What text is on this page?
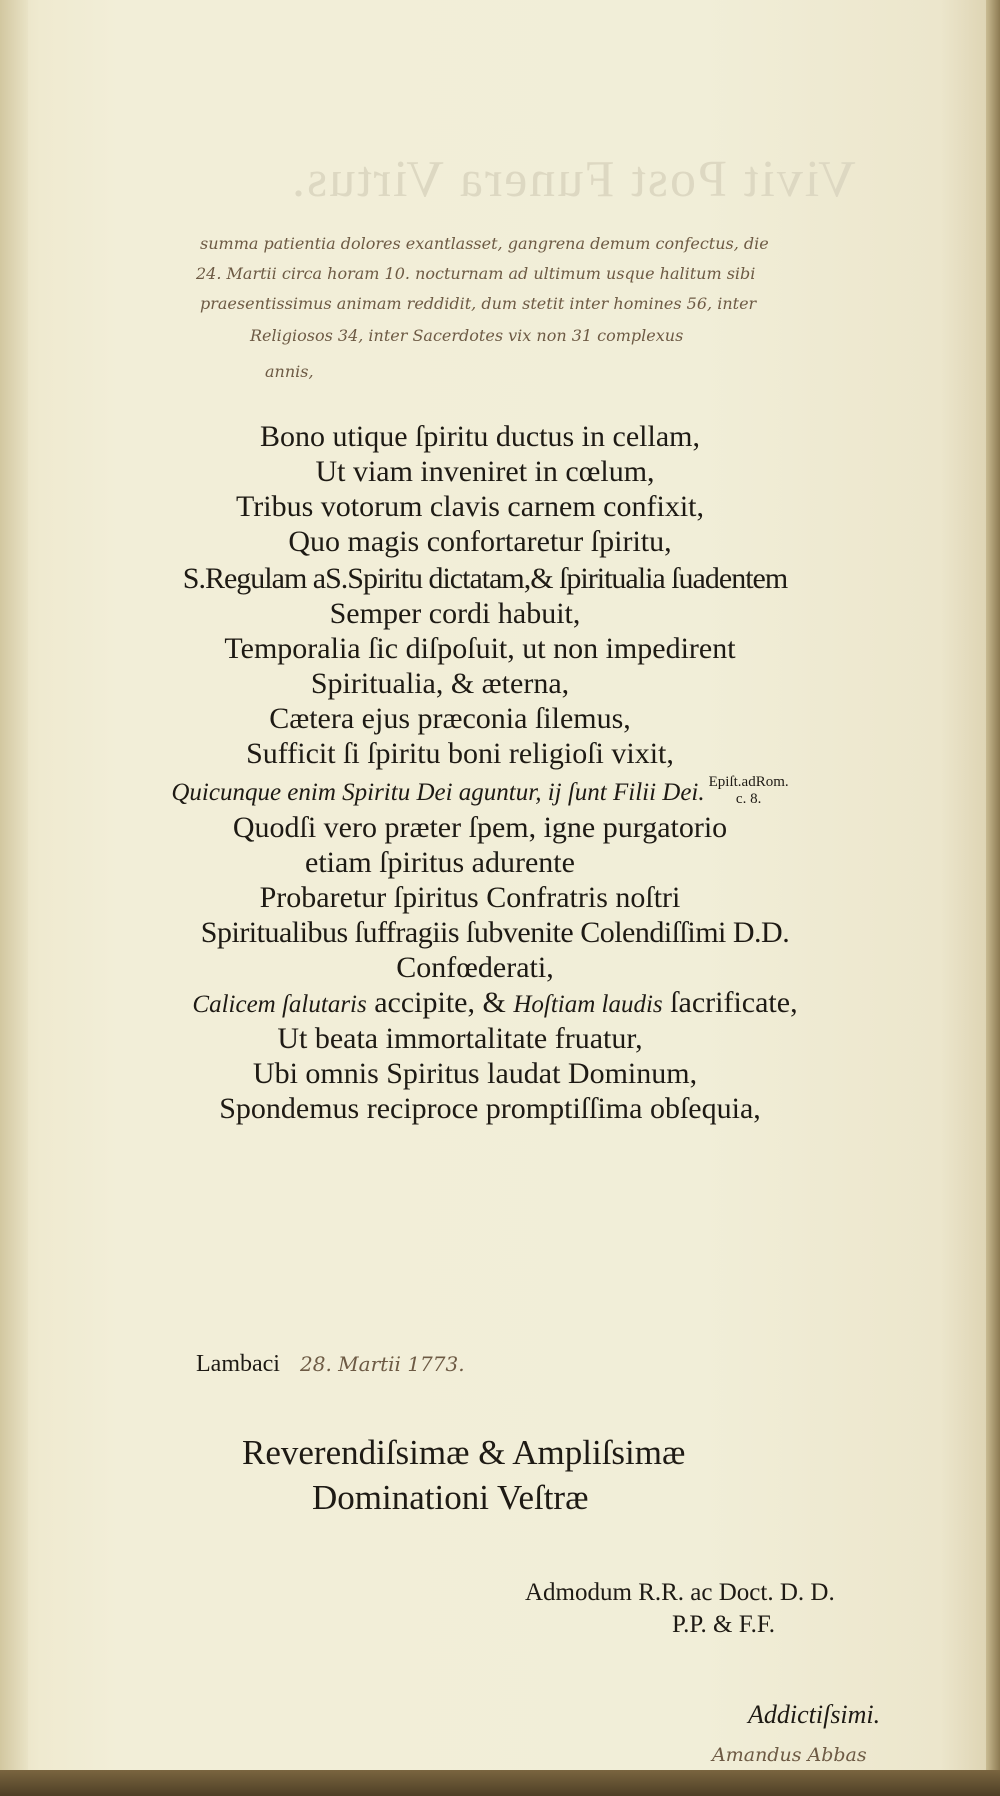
Vivit Post Funera Virtus.
summa patientia dolores exantlasset, gangrena demum confectus, die
24. Martii circa horam 10. nocturnam ad ultimum usque halitum sibi
praesentissimus animam reddidit, dum stetit inter homines 56, inter
Religiosos 34, inter Sacerdotes vix non 31 complexus
annis,
Bono utique ſpiritu ductus in cellam,
Ut viam inveniret in cœlum,
Tribus votorum clavis carnem confixit,
Quo magis confortaretur ſpiritu,
S.Regulam aS.Spiritu dictatam,& ſpiritualia ſuadentem
Semper cordi habuit,
Temporalia ſic diſpoſuit, ut non impedirent
Spiritualia, & æterna,
Cætera ejus præconia ſilemus,
Sufficit ſi ſpiritu boni religioſi vixit,
Quicunque enim Spiritu Dei aguntur, ij ſunt Filii Dei. Epiſt.adRom.
c. 8.
Quodſi vero præter ſpem, igne purgatorio
etiam ſpiritus adurente
Probaretur ſpiritus Confratris noſtri
Spiritualibus ſuffragiis ſubvenite Colendiſſimi D.D.
Confœderati,
Calicem ſalutaris accipite, & Hoſtiam laudis ſacrificate,
Ut beata immortalitate fruatur,
Ubi omnis Spiritus laudat Dominum,
Spondemus reciproce promptiſſima obſequia,
Lambaci 28. Martii 1773.
Reverendiſsimæ & Ampliſsimæ
Dominationi Veſtræ
Admodum R.R. ac Doct. D. D.
P.P. & F.F.
Addictiſsimi.
Amandus Abbas
